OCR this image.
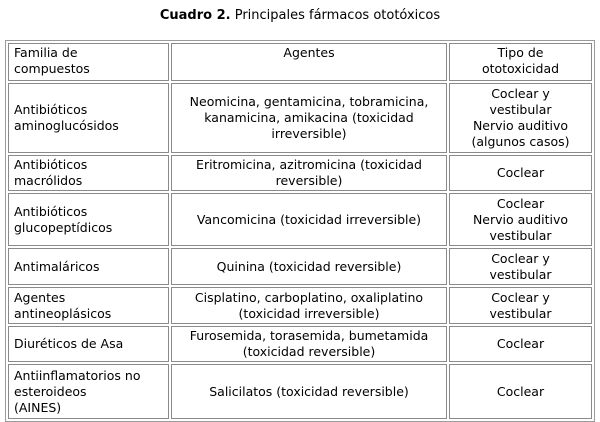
Cuadro 2. Principales fármacos ototóxicos
Familia de
compuestos	Agentes	Tipo de
ototoxicidad

Antibióticos
aminoglucósidos	Neomicina, gentamicina, tobramicina,
kanamicina, amikacina (toxicidad
irreversible)	Coclear y
vestibular
Nervio auditivo
(algunos casos)

Antibióticos
macrólidos	Eritromicina, azitromicina (toxicidad
reversible)	Coclear

Antibióticos
glucopeptídicos	Vancomicina (toxicidad irreversible)	Coclear
Nervio auditivo
vestibular

Antimaláricos	Quinina (toxicidad reversible)	Coclear y
vestibular

Agentes
antineoplásicos	Cisplatino, carboplatino, oxaliplatino
(toxicidad irreversible)	Coclear y
vestibular

Diuréticos de Asa	Furosemida, torasemida, bumetamida
(toxicidad reversible)	Coclear

Antiinflamatorios no
esteroideos
(AINES)	Salicilatos (toxicidad reversible)	Coclear
